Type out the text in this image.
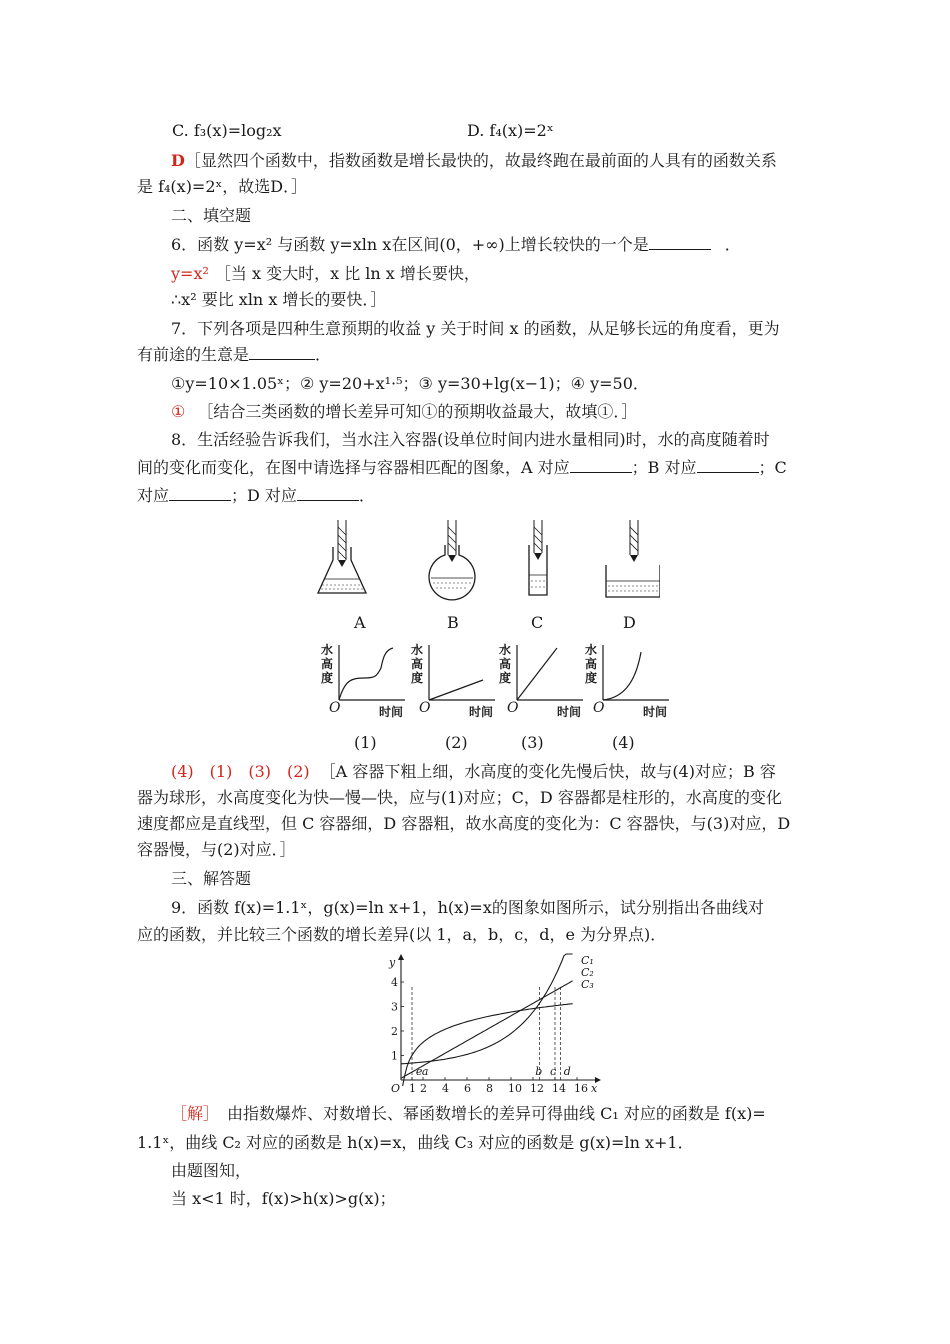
C. f₃(x)=log₂x	D. f₄(x)=2ˣ
D［显然四个函数中，指数函数是增长最快的，故最终跑在最前面的人具有的函数关系
是 f₄(x)=2ˣ，故选D．］
二、填空题
6．函数 y=x² 与函数 y=xln x在区间(0，+∞)上增长较快的一个是	．
y=x² ［当 x 变大时，x 比 ln x 增长要快，
∴x² 要比 xln x 增长的要快．］
7．下列各项是四种生意预期的收益 y 关于时间 x 的函数，从足够长远的角度看，更为
有前途的生意是	．
①y=10×1.05ˣ；② y=20+x¹·⁵；③ y=30+lg(x−1)；④ y=50．
① ［结合三类函数的增长差异可知①的预期收益最大，故填①．］
8．生活经验告诉我们，当水注入容器(设单位时间内进水量相同)时，水的高度随着时
间的变化而变化，在图中请选择与容器相匹配的图象，A 对应	；B 对应	；C
对应	；D 对应	．
A	B	C	D
水
高
度
O	时间
水
高
度
O	时间
水
高
度
O	时间
水
高
度
O	时间
(1)	(2)	(3)	(4)
(4)　(1)　(3)　(2) ［A 容器下粗上细，水高度的变化先慢后快，故与(4)对应；B 容
器为球形，水高度变化为快—慢—快，应与(1)对应；C，D 容器都是柱形的，水高度的变化
速度都应是直线型，但 C 容器细，D 容器粗，故水高度的变化为：C 容器快，与(3)对应，D
容器慢，与(2)对应．］
三、解答题
9．函数 f(x)=1.1ˣ，g(x)=ln x+1，h(x)=x的图象如图所示，试分别指出各曲线对
应的函数，并比较三个函数的增长差异(以 1，a，b，c，d，e 为分界点)．
x
y
O 1 2 4 6 8 10 12 14 16
1
2
3
4
C₁
C₂
C₃
e a	b c d
［解］　由指数爆炸、对数增长、幂函数增长的差异可得曲线 C₁ 对应的函数是 f(x)=
1.1ˣ，曲线 C₂ 对应的函数是 h(x)=x，曲线 C₃ 对应的函数是 g(x)=ln x+1．
由题图知，
当 x<1 时，f(x)>h(x)>g(x)；
